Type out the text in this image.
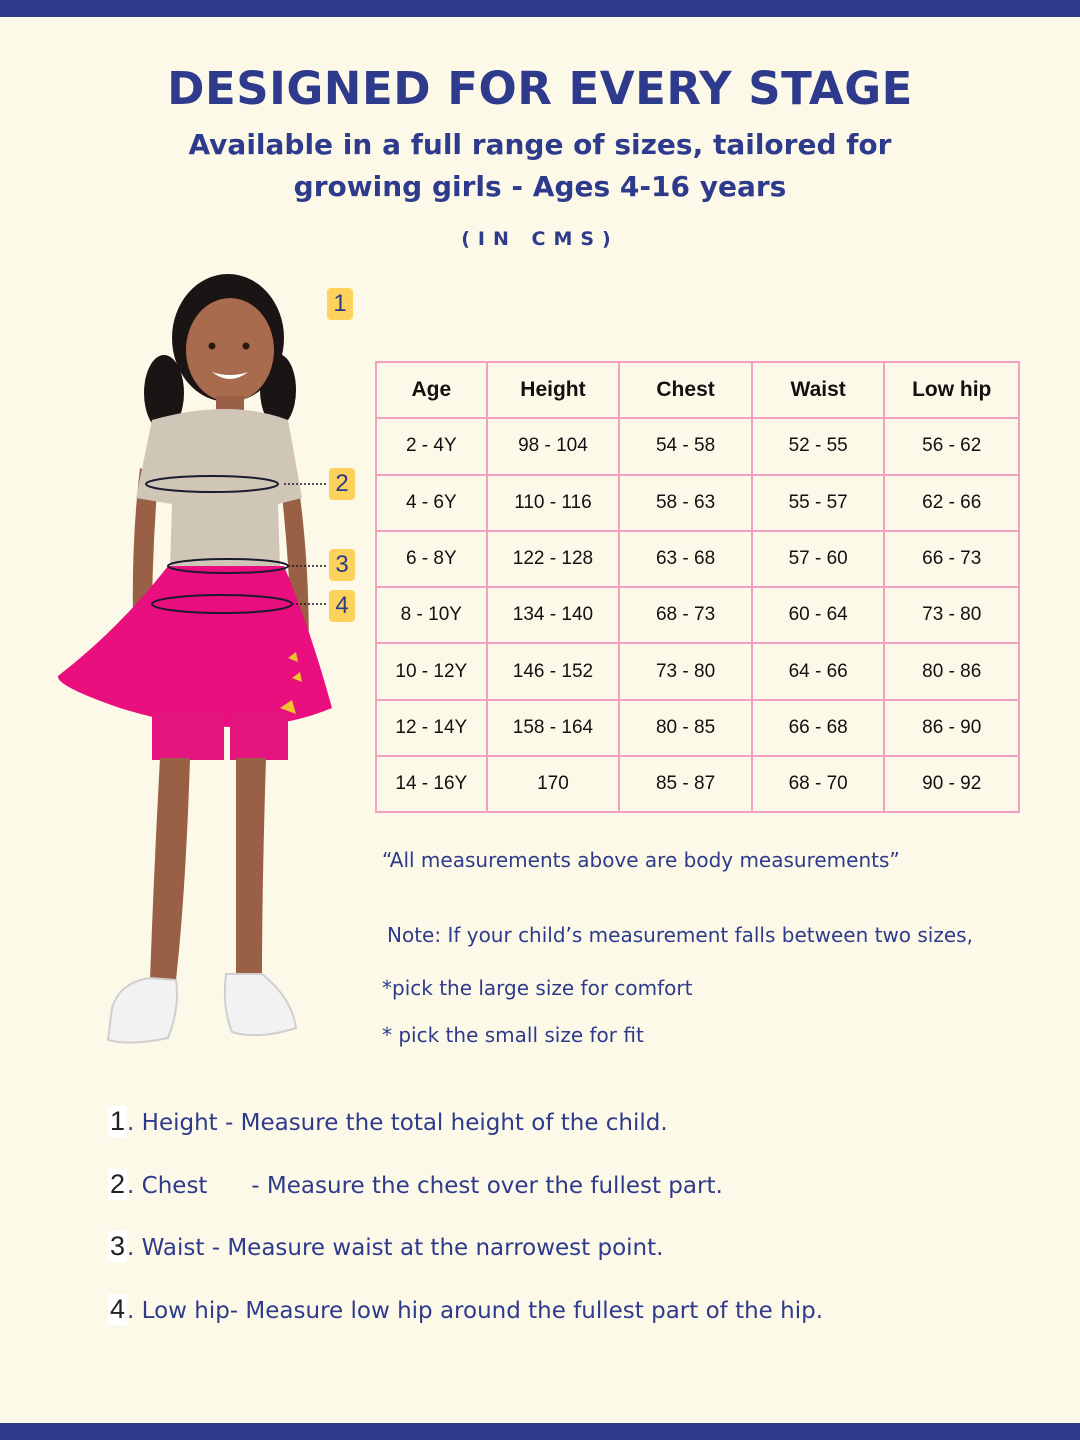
DESIGNED FOR EVERY STAGE
Available in a full range of sizes, tailored for growing girls - Ages 4-16 years
(IN CMS)
1
2
3
4
Age	Height	Chest	Waist	Low hip
2 - 4Y	98 - 104	54 - 58	52 - 55	56 - 62
4 - 6Y	110 - 116	58 - 63	55 - 57	62 - 66
6 - 8Y	122 - 128	63 - 68	57 - 60	66 - 73
8 - 10Y	134 - 140	68 - 73	60 - 64	73 - 80
10 - 12Y	146 - 152	73 - 80	64 - 66	80 - 86
12 - 14Y	158 - 164	80 - 85	66 - 68	86 - 90
14 - 16Y	170	85 - 87	68 - 70	90 - 92
“All measurements above are body measurements”
Note: If your child’s measurement falls between two sizes,
*pick the large size for comfort
* pick the small size for fit
1. Height - Measure the total height of the child.
2. Chest      - Measure the chest over the fullest part.
3. Waist - Measure waist at the narrowest point.
4. Low hip- Measure low hip around the fullest part of the hip.
